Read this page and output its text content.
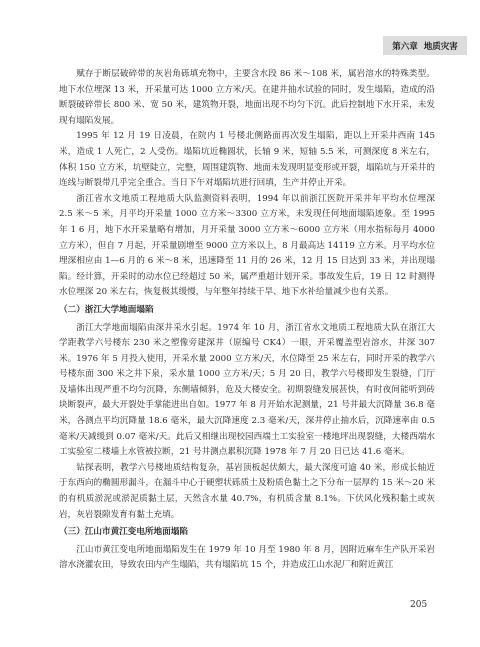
第六章 地质灾害

赋存于断层破碎带的灰岩角砾填充物中，主要含水段 86 米～108 米，属岩溶水的特殊类型。地下水位埋深 13 米，开采量可达 1000 立方米/天。在建井抽水试验的同时，发生塌陷，造成的沿断裂破碎带长 800 米、宽 50 米，建筑物开裂，地面出现不均匀下沉。此后控制地下水开采，未发现有塌陷发展。

1995 年 12 月 19 日凌晨，在院内 1 号楼北侧路面再次发生塌陷，距以上开采井西南 145 米，造成 1 人死亡，2 人受伤。塌陷坑近椭圆状，长轴 9 米，短轴 5.5 米，可测深度 8 米左右，体积 150 立方米，坑壁陡立，完整，周围建筑物、地面未发现明显变形或开裂，塌陷坑与开采井的连线与断裂带几乎完全重合。当日下午对塌陷坑进行回填，生产井停止开采。

浙江省水文地质工程地质大队监测资料表明，1994 年以前浙江医院开采井年平均水位埋深 2.5 米～5 米，月平均开采量 1000 立方米～3300 立方米，未发现任何地面塌陷迹象。至 1995 年 1 6 月，地下水开采量略有增加，月开采量 3000 立方米～6000 立方米（用水指标每月 4000 立方米），但自 7 月起，开采量剧增至 9000 立方米以上，8 月最高达 14119 立方米。月平均水位埋深相应由 1—6 月的 6 米～8 米，迅速降至 11 月的 26 米，12 月 15 日达到 33 米，并出现塌陷。经计算，开采时的动水位已经超过 50 米，属严重超计划开采。事故发生后，19 日 12 时测得水位埋深 20 米左右，恢复极其缓慢，与年整年持续干旱、地下水补给量减少也有关系。

（二）浙江大学地面塌陷

浙江大学地面塌陷由深井采水引起。1974 年 10 月，浙江省水文地质工程地质大队在浙江大学距教学六号楼东 230 米之塑像旁建深井（原编号 CK4）一眼，开采覆盖型岩溶水，井深 307 米。1976 年 5 月投入使用，开采水量 2000 立方米/天，水位降至 25 米左右，同时开采的教学六号楼东面 300 米之井下泉，采水量 1000 立方米/天；5 月 20 日，教学六号楼即发生裂缝，门厅及墙体出现严重不均匀沉降，东侧墙倾斜，危及大楼安全。初期裂缝发展甚快，有时夜间能听到砖块断裂声，最大开裂处手掌能进出自如。1977 年 8 月开始水泥测量，21 号井最大沉降量 36.8 毫米，各测点平均沉降量 18.6 毫米，最大沉降速度 2.3 毫米/天，深井停止抽水后，沉降速率由 0.5 毫米/天减缓到 0.07 毫米/天。此后又相继出现校园西端土工实验室一楼地坪出现裂缝，大楼西端水工实验室二楼墙上水管被拉断，21 号井测点累积沉降 1978 年 7 月 20 日已达 41.6 毫米。

钻探表明，教学六号楼地质结构复杂，基岩顶板起伏颇大，最大深度可逾 40 米，形成长轴近于东西向的椭圆形漏斗，在漏斗中心于硬塑状砾质土及粉质色黏土之下分布一层厚约 15 米～20 米的有机质淤泥或淤泥质黏土层，天然含水量 40.7%，有机质含量 8.1%。下伏风化残积黏土或灰岩，灰岩裂隙发育有黏土充填。

（三）江山市黄江变电所地面塌陷

江山市黄江变电所地面塌陷发生在 1979 年 10 月至 1980 年 8 月，因附近麻车生产队开采岩溶水浇灌农田，导致农田内产生塌陷，共有塌陷坑 15 个，并造成江山水泥厂和附近黄江

205
